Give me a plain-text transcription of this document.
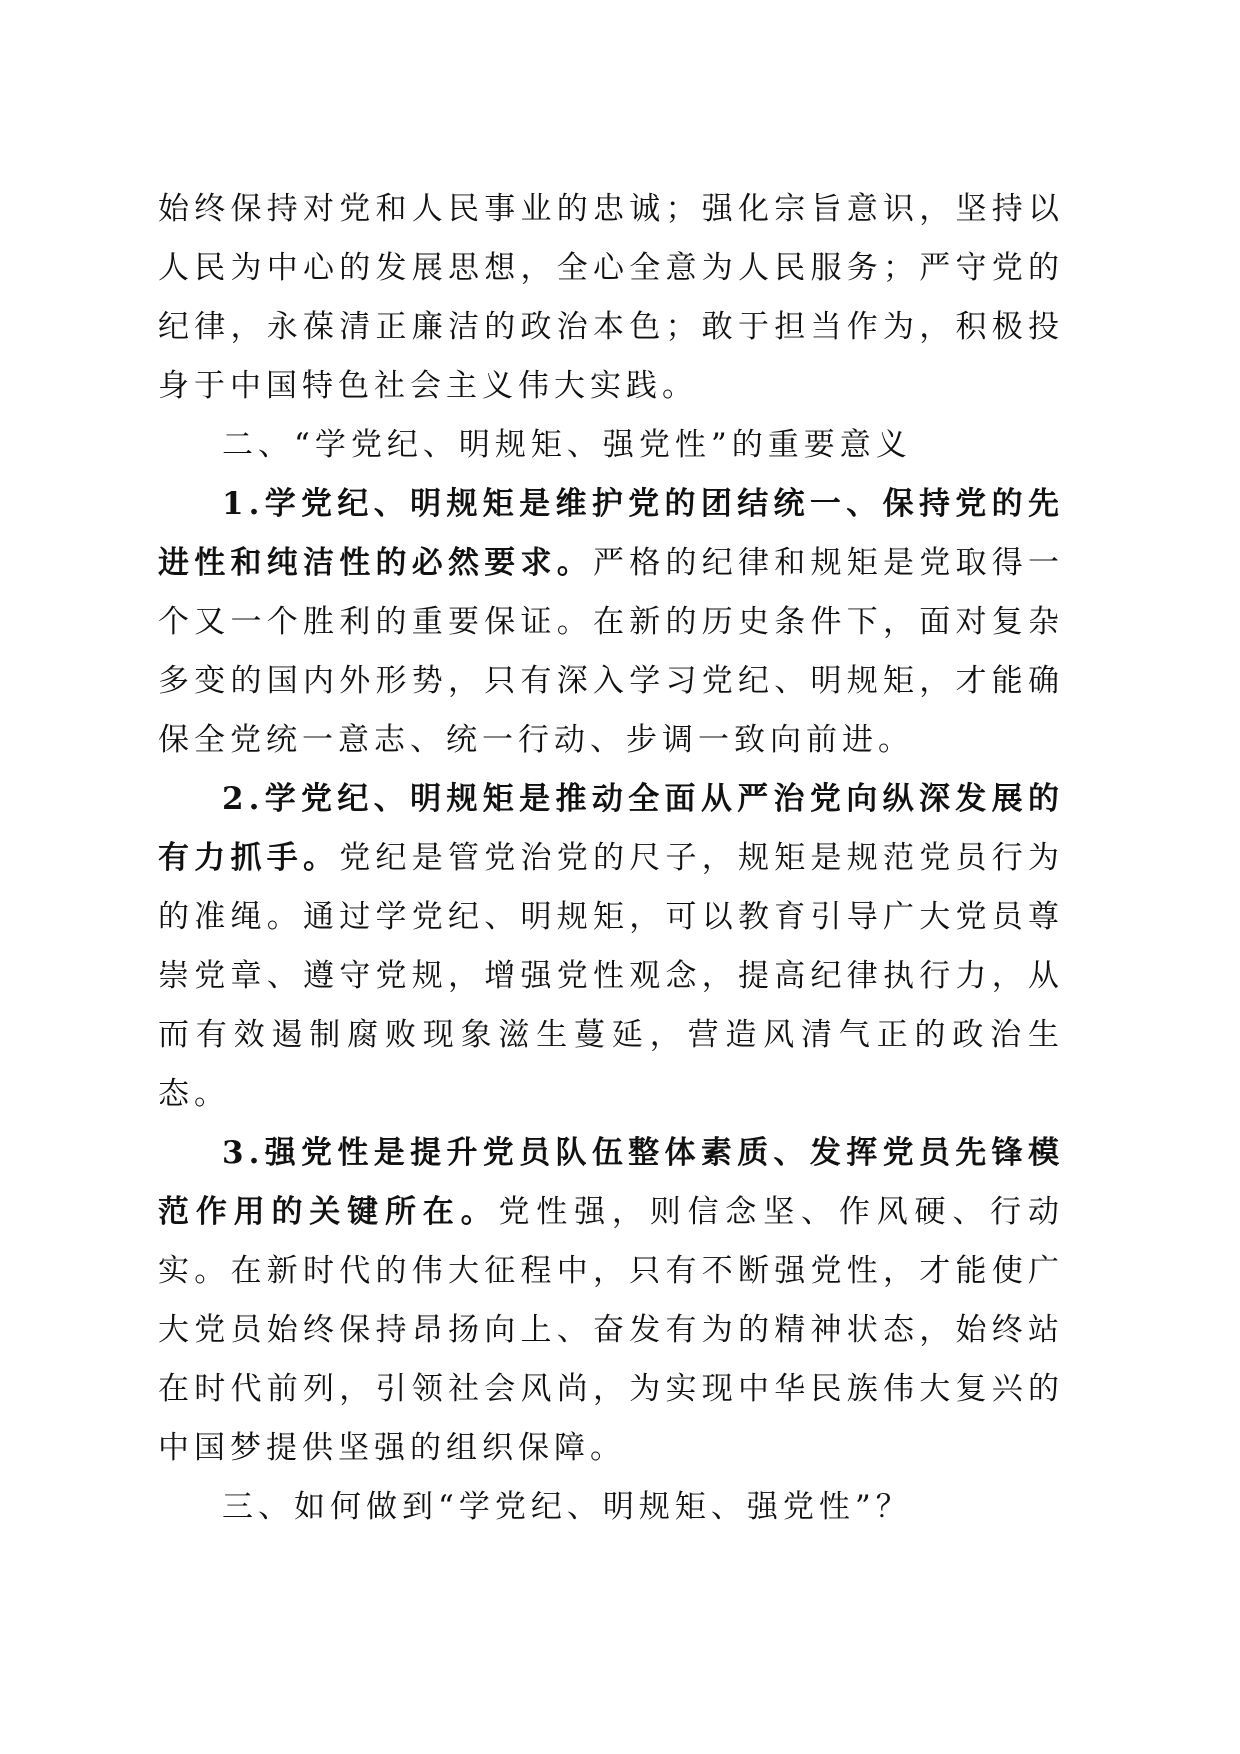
始终保持对党和人民事业的忠诚；强化宗旨意识，坚持以人民为中心的发展思想，全心全意为人民服务；严守党的纪律，永葆清正廉洁的政治本色；敢于担当作为，积极投身于中国特色社会主义伟大实践。

二、“学党纪、明规矩、强党性”的重要意义

1.学党纪、明规矩是维护党的团结统一、保持党的先进性和纯洁性的必然要求。严格的纪律和规矩是党取得一个又一个胜利的重要保证。在新的历史条件下，面对复杂多变的国内外形势，只有深入学习党纪、明规矩，才能确保全党统一意志、统一行动、步调一致向前进。

2.学党纪、明规矩是推动全面从严治党向纵深发展的有力抓手。党纪是管党治党的尺子，规矩是规范党员行为的准绳。通过学党纪、明规矩，可以教育引导广大党员尊崇党章、遵守党规，增强党性观念，提高纪律执行力，从而有效遏制腐败现象滋生蔓延，营造风清气正的政治生态。

3.强党性是提升党员队伍整体素质、发挥党员先锋模范作用的关键所在。党性强，则信念坚、作风硬、行动实。在新时代的伟大征程中，只有不断强党性，才能使广大党员始终保持昂扬向上、奋发有为的精神状态，始终站在时代前列，引领社会风尚，为实现中华民族伟大复兴的中国梦提供坚强的组织保障。

三、如何做到“学党纪、明规矩、强党性”？
